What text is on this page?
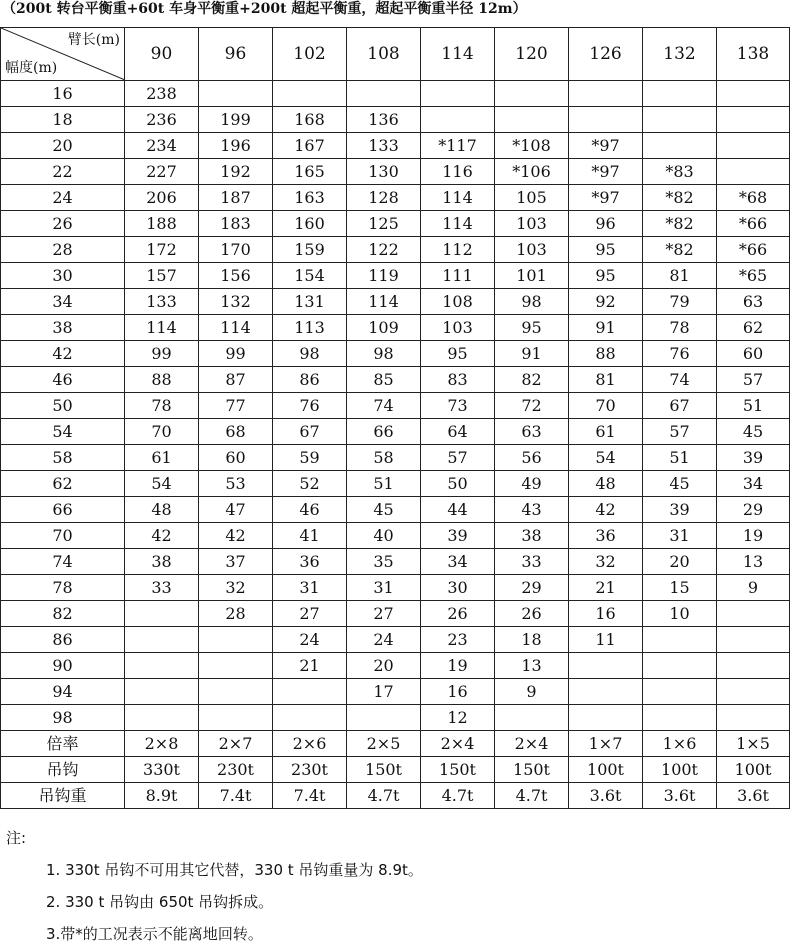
（200t 转台平衡重+60t 车身平衡重+200t 超起平衡重，超起平衡重半径 12m）
臂长(m)
幅度(m)	90	96	102	108	114	120	126	132	138
16	238								
18	236	199	168	136					
20	234	196	167	133	*117	*108	*97		
22	227	192	165	130	116	*106	*97	*83	
24	206	187	163	128	114	105	*97	*82	*68
26	188	183	160	125	114	103	96	*82	*66
28	172	170	159	122	112	103	95	*82	*66
30	157	156	154	119	111	101	95	81	*65
34	133	132	131	114	108	98	92	79	63
38	114	114	113	109	103	95	91	78	62
42	99	99	98	98	95	91	88	76	60
46	88	87	86	85	83	82	81	74	57
50	78	77	76	74	73	72	70	67	51
54	70	68	67	66	64	63	61	57	45
58	61	60	59	58	57	56	54	51	39
62	54	53	52	51	50	49	48	45	34
66	48	47	46	45	44	43	42	39	29
70	42	42	41	40	39	38	36	31	19
74	38	37	36	35	34	33	32	20	13
78	33	32	31	31	30	29	21	15	9
82		28	27	27	26	26	16	10	
86			24	24	23	18	11		
90			21	20	19	13			
94				17	16	9			
98					12				
倍率	2×8	2×7	2×6	2×5	2×4	2×4	1×7	1×6	1×5
吊钩	330t	230t	230t	150t	150t	150t	100t	100t	100t
吊钩重	8.9t	7.4t	7.4t	4.7t	4.7t	4.7t	3.6t	3.6t	3.6t
注:
1. 330t 吊钩不可用其它代替，330 t 吊钩重量为 8.9t。
2. 330 t 吊钩由 650t 吊钩拆成。
3.带*的工况表示不能离地回转。
